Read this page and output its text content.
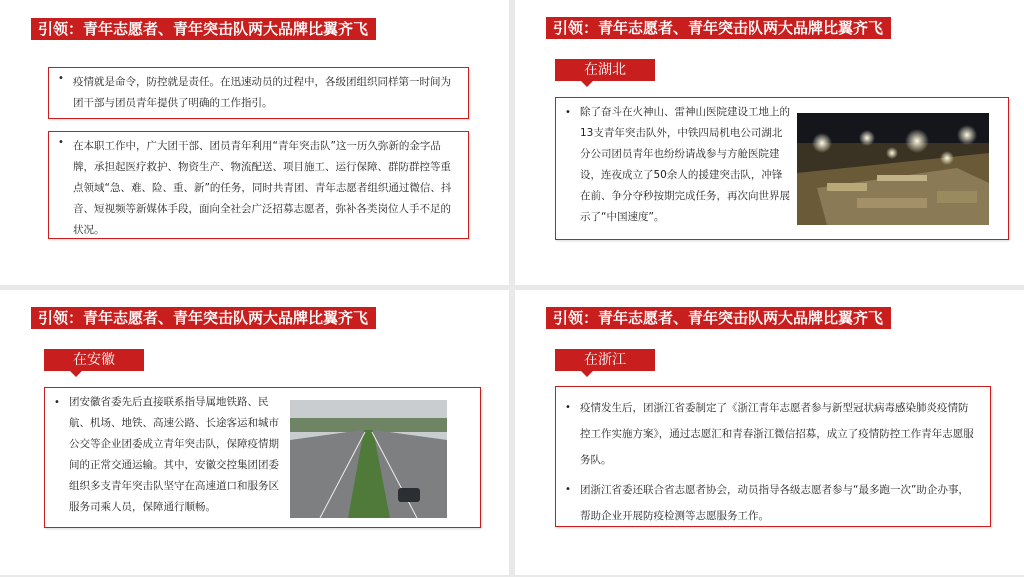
引领：青年志愿者、青年突击队两大品牌比翼齐飞
• 疫情就是命令，防控就是责任。在迅速动员的过程中，各级团组织同样第一时间为团干部与团员青年提供了明确的工作指引。
• 在本职工作中，广大团干部、团员青年利用“青年突击队”这一历久弥新的金字品牌，承担起医疗救护、物资生产、物流配送、项目施工、运行保障、群防群控等重点领域“急、难、险、重、新”的任务，同时共青团、青年志愿者组织通过微信、抖音、短视频等新媒体手段，面向全社会广泛招募志愿者，弥补各类岗位人手不足的状况。
引领：青年志愿者、青年突击队两大品牌比翼齐飞
在湖北
• 除了奋斗在火神山、雷神山医院建设工地上的13支青年突击队外，中铁四局机电公司湖北分公司团员青年也纷纷请战参与方舱医院建设，连夜成立了50余人的援建突击队，冲锋在前、争分夺秒按期完成任务，再次向世界展示了“中国速度”。
引领：青年志愿者、青年突击队两大品牌比翼齐飞
在安徽
• 团安徽省委先后直接联系指导属地铁路、民航、机场、地铁、高速公路、长途客运和城市公交等企业团委成立青年突击队，保障疫情期间的正常交通运输。其中，安徽交控集团团委组织多支青年突击队坚守在高速道口和服务区服务司乘人员，保障通行顺畅。
引领：青年志愿者、青年突击队两大品牌比翼齐飞
在浙江
• 疫情发生后，团浙江省委制定了《浙江青年志愿者参与新型冠状病毒感染肺炎疫情防控工作实施方案》，通过志愿汇和青春浙江微信招募，成立了疫情防控工作青年志愿服务队。
• 团浙江省委还联合省志愿者协会，动员指导各级志愿者参与“最多跑一次”助企办事，帮助企业开展防疫检测等志愿服务工作。
